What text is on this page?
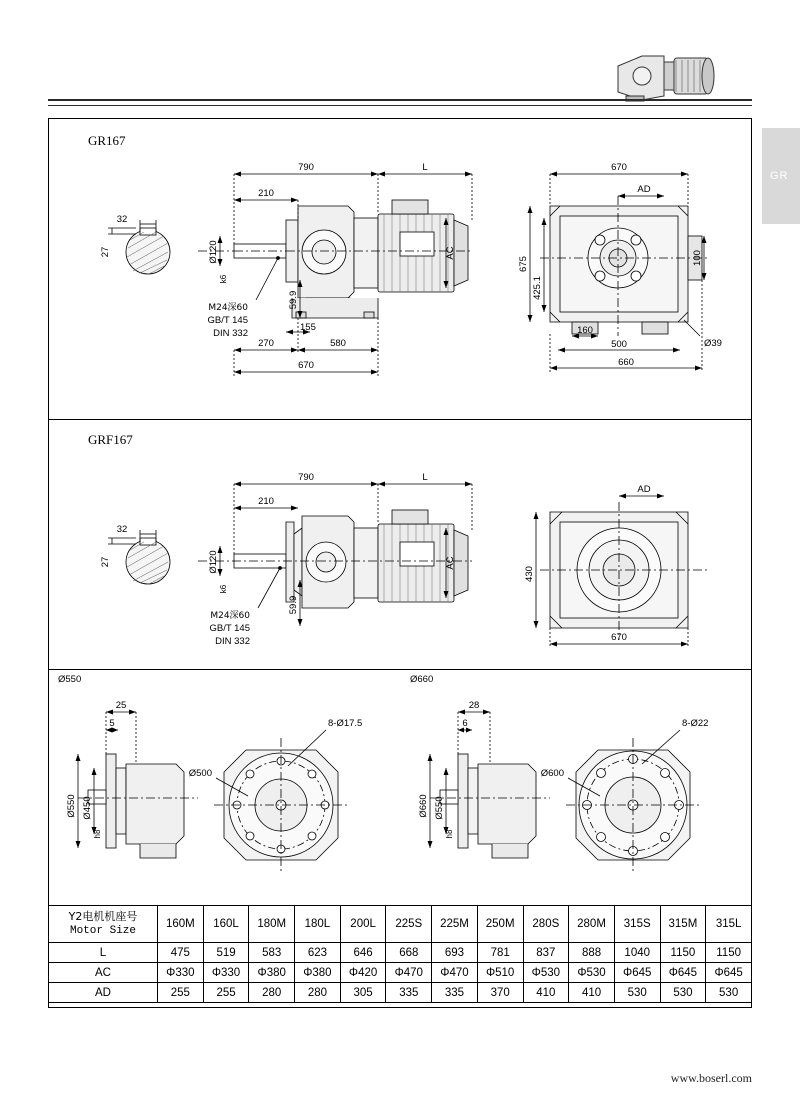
GR
GR167
GRF167
790	L
210
Ø120
k6
32
27
M24深60
GB/T 145
DIN 332
155
59.9
270	580
670
AC
670
AD
675
425.1
100
160
500
660
Ø39
790	L
210
Ø120
k6
32
27
M24深60
GB/T 145
DIN 332
59.9
AC
AD
430
670
25
5
Ø550 Ø450
h8
Ø500
8-Ø17.5
Ø550
28
6
Ø660 Ø550
h8
Ø600
8-Ø22
Ø660
Y2电机机座号
Motor Size	160M	160L	180M	180L	200L	225S	225M	250M	280S	280M	315S	315M	315L
L	475	519	583	623	646	668	693	781	837	888	1040	1150	1150
AC	Φ330	Φ330	Φ380	Φ380	Φ420	Φ470	Φ470	Φ510	Φ530	Φ530	Φ645	Φ645	Φ645
AD	255	255	280	280	305	335	335	370	410	410	530	530	530
www.boserl.com
